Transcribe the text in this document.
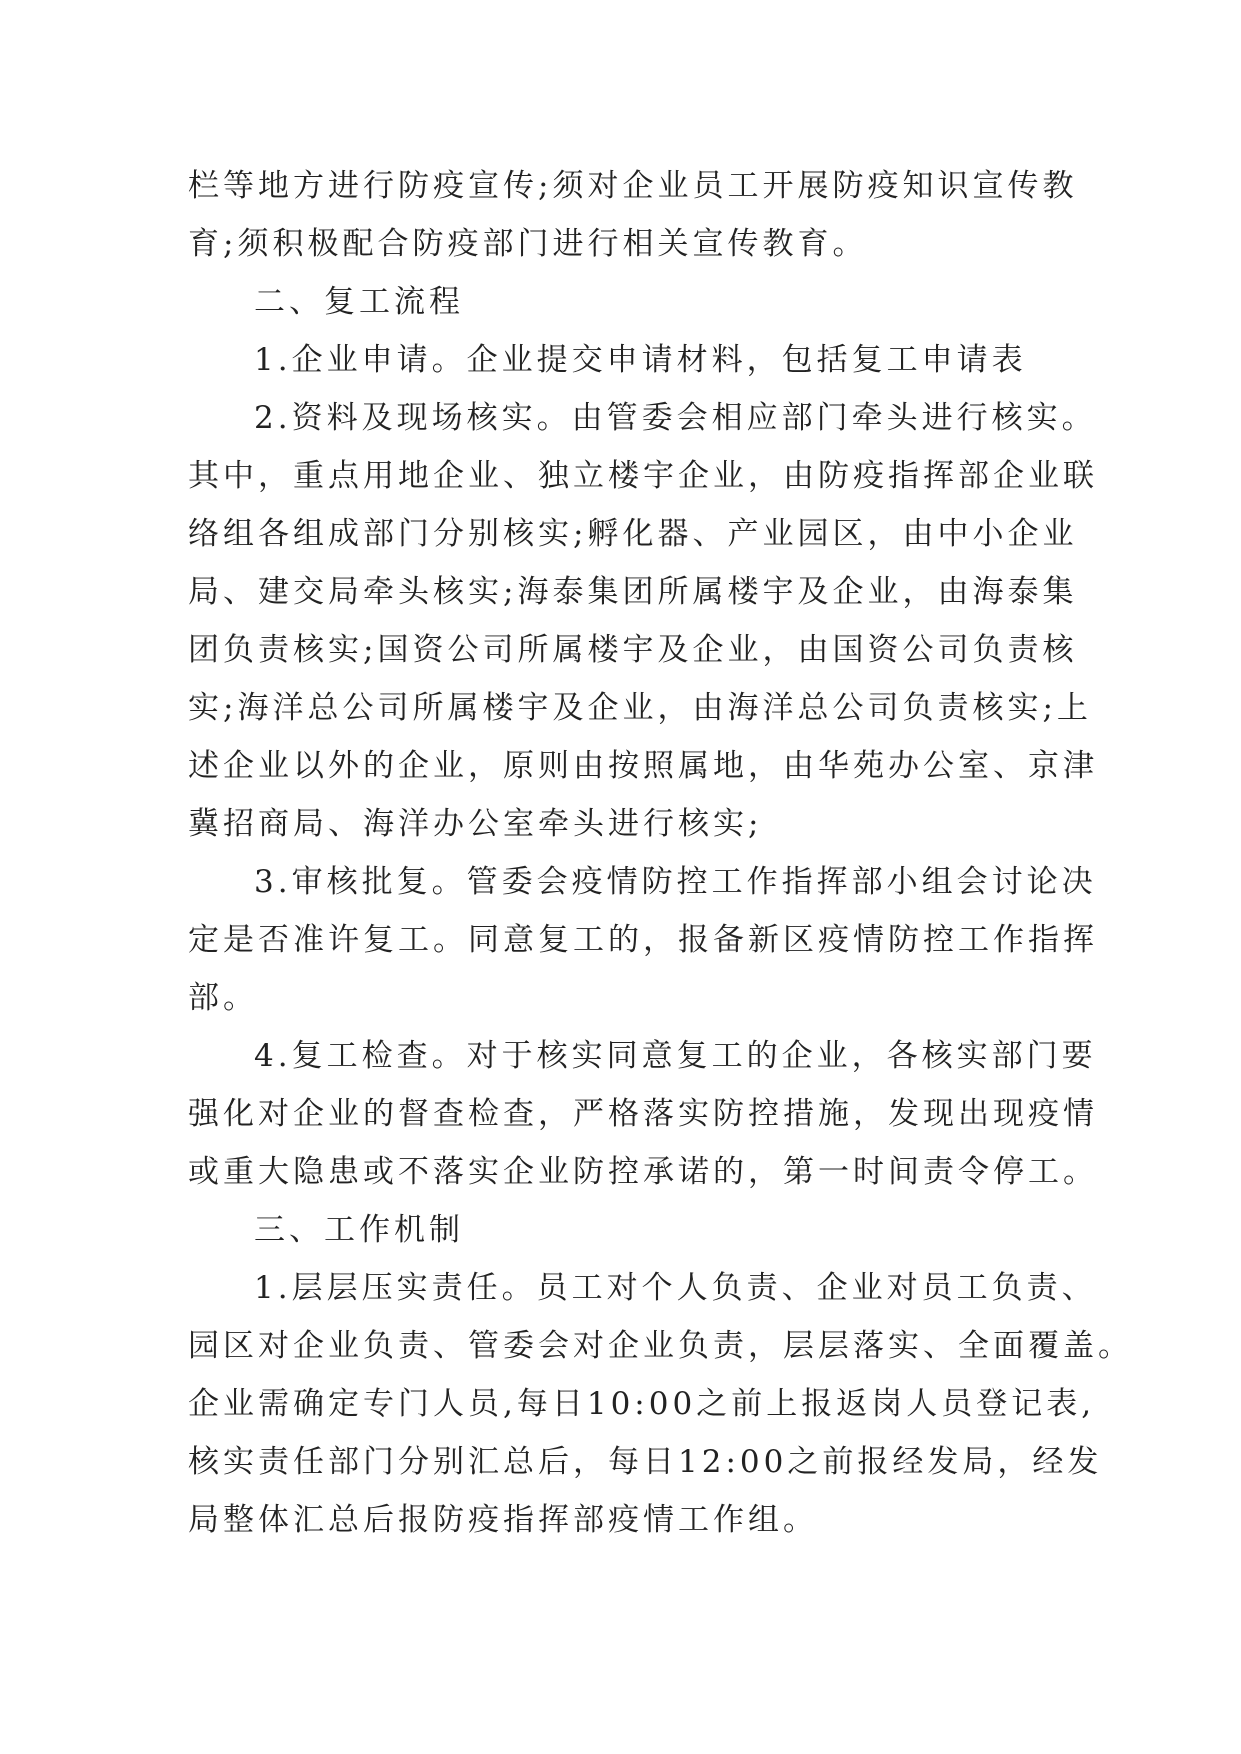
栏等地方进行防疫宣传;须对企业员工开展防疫知识宣传教
育;须积极配合防疫部门进行相关宣传教育。
二、复工流程
1.企业申请。企业提交申请材料，包括复工申请表
2.资料及现场核实。由管委会相应部门牵头进行核实。
其中，重点用地企业、独立楼宇企业，由防疫指挥部企业联
络组各组成部门分别核实;孵化器、产业园区，由中小企业
局、建交局牵头核实;海泰集团所属楼宇及企业，由海泰集
团负责核实;国资公司所属楼宇及企业，由国资公司负责核
实;海洋总公司所属楼宇及企业，由海洋总公司负责核实;上
述企业以外的企业，原则由按照属地，由华苑办公室、京津
冀招商局、海洋办公室牵头进行核实;
3.审核批复。管委会疫情防控工作指挥部小组会讨论决
定是否准许复工。同意复工的，报备新区疫情防控工作指挥
部。
4.复工检查。对于核实同意复工的企业，各核实部门要
强化对企业的督查检查，严格落实防控措施，发现出现疫情
或重大隐患或不落实企业防控承诺的，第一时间责令停工。
三、工作机制
1.层层压实责任。员工对个人负责、企业对员工负责、
园区对企业负责、管委会对企业负责，层层落实、全面覆盖。
企业需确定专门人员,每日10:00之前上报返岗人员登记表,
核实责任部门分别汇总后，每日12:00之前报经发局，经发
局整体汇总后报防疫指挥部疫情工作组。
